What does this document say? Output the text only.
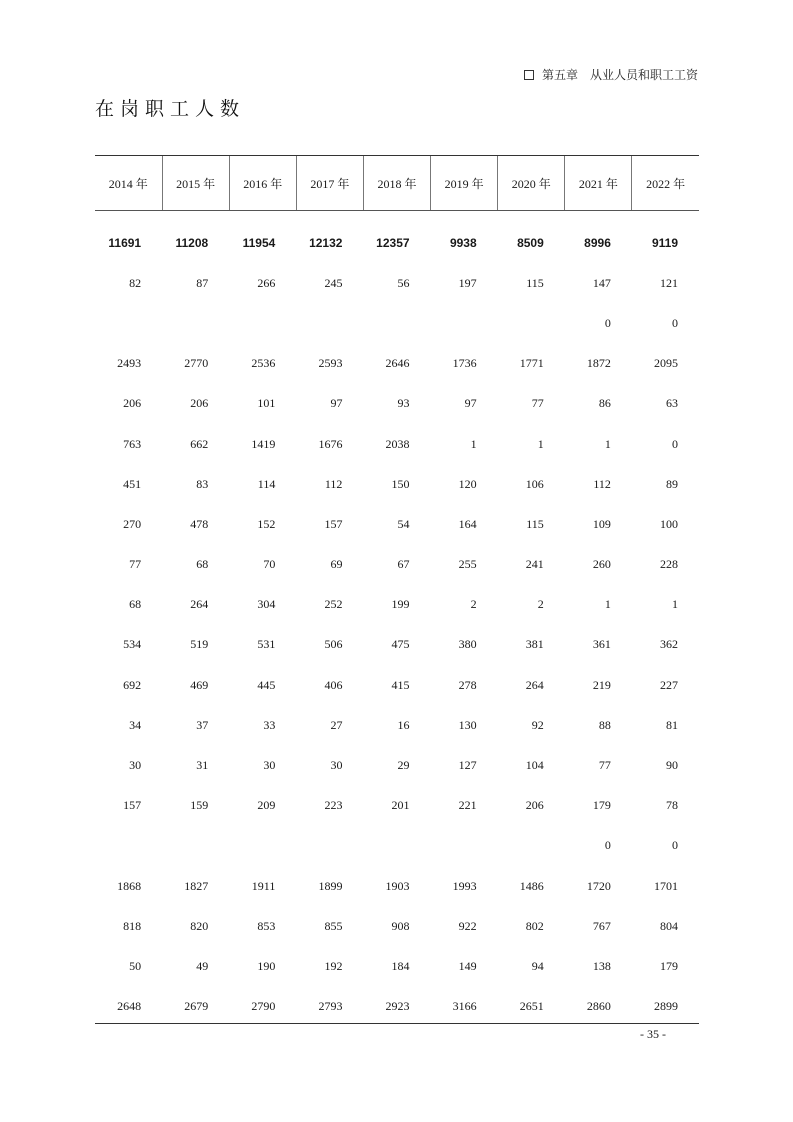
第五章　从业人员和职工工资
在岗职工人数
2014 年	2015 年	2016 年	2017 年	2018 年	2019 年	2020 年	2021 年	2022 年
11691	11208	11954	12132	12357	9938	8509	8996	9119
82	87	266	245	56	197	115	147	121
							0	0
2493	2770	2536	2593	2646	1736	1771	1872	2095
206	206	101	97	93	97	77	86	63
763	662	1419	1676	2038	1	1	1	0
451	83	114	112	150	120	106	112	89
270	478	152	157	54	164	115	109	100
77	68	70	69	67	255	241	260	228
68	264	304	252	199	2	2	1	1
534	519	531	506	475	380	381	361	362
692	469	445	406	415	278	264	219	227
34	37	33	27	16	130	92	88	81
30	31	30	30	29	127	104	77	90
157	159	209	223	201	221	206	179	78
							0	0
1868	1827	1911	1899	1903	1993	1486	1720	1701
818	820	853	855	908	922	802	767	804
50	49	190	192	184	149	94	138	179
2648	2679	2790	2793	2923	3166	2651	2860	2899
- 35 -
